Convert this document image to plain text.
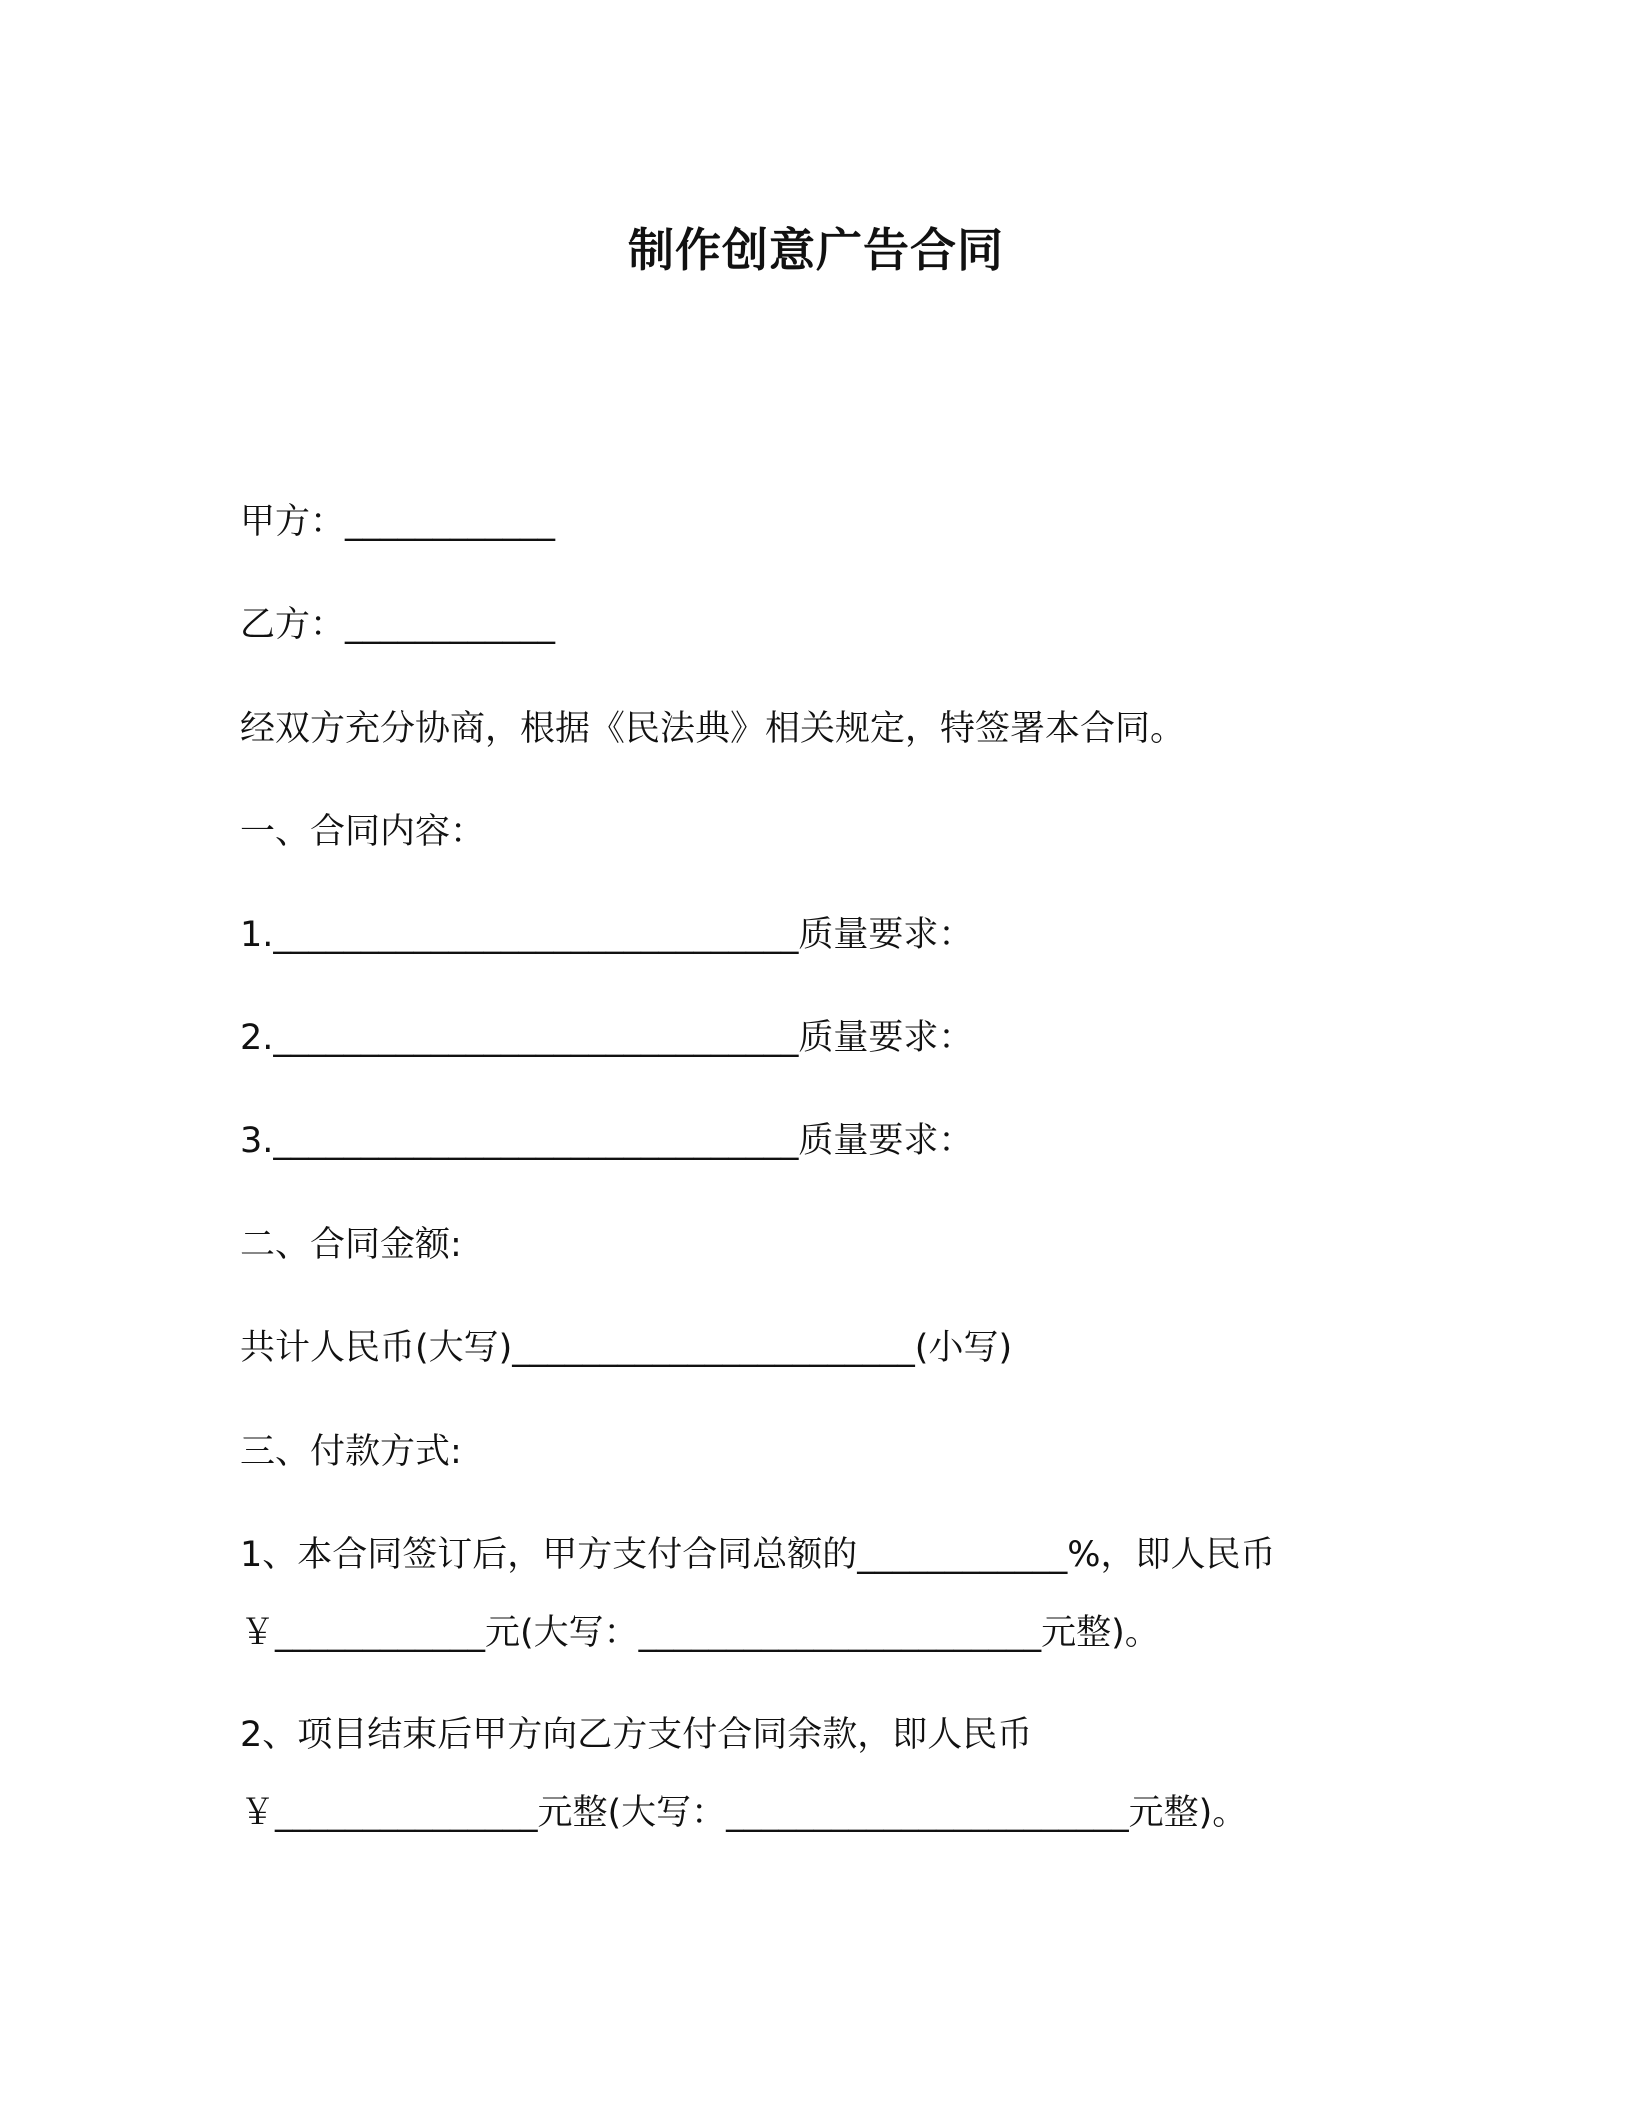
制作创意广告合同
甲方：____________
乙方：____________
经双方充分协商，根据《民法典》相关规定，特签署本合同。
一、合同内容：
1.______________________________质量要求：
2.______________________________质量要求：
3.______________________________质量要求：
二、合同金额:
共计人民币(大写)_______________________(小写)
三、付款方式:
1、本合同签订后，甲方支付合同总额的____________%，即人民币
￥____________元(大写：_______________________元整)。
2、项目结束后甲方向乙方支付合同余款，即人民币
￥_______________元整(大写：_______________________元整)。
